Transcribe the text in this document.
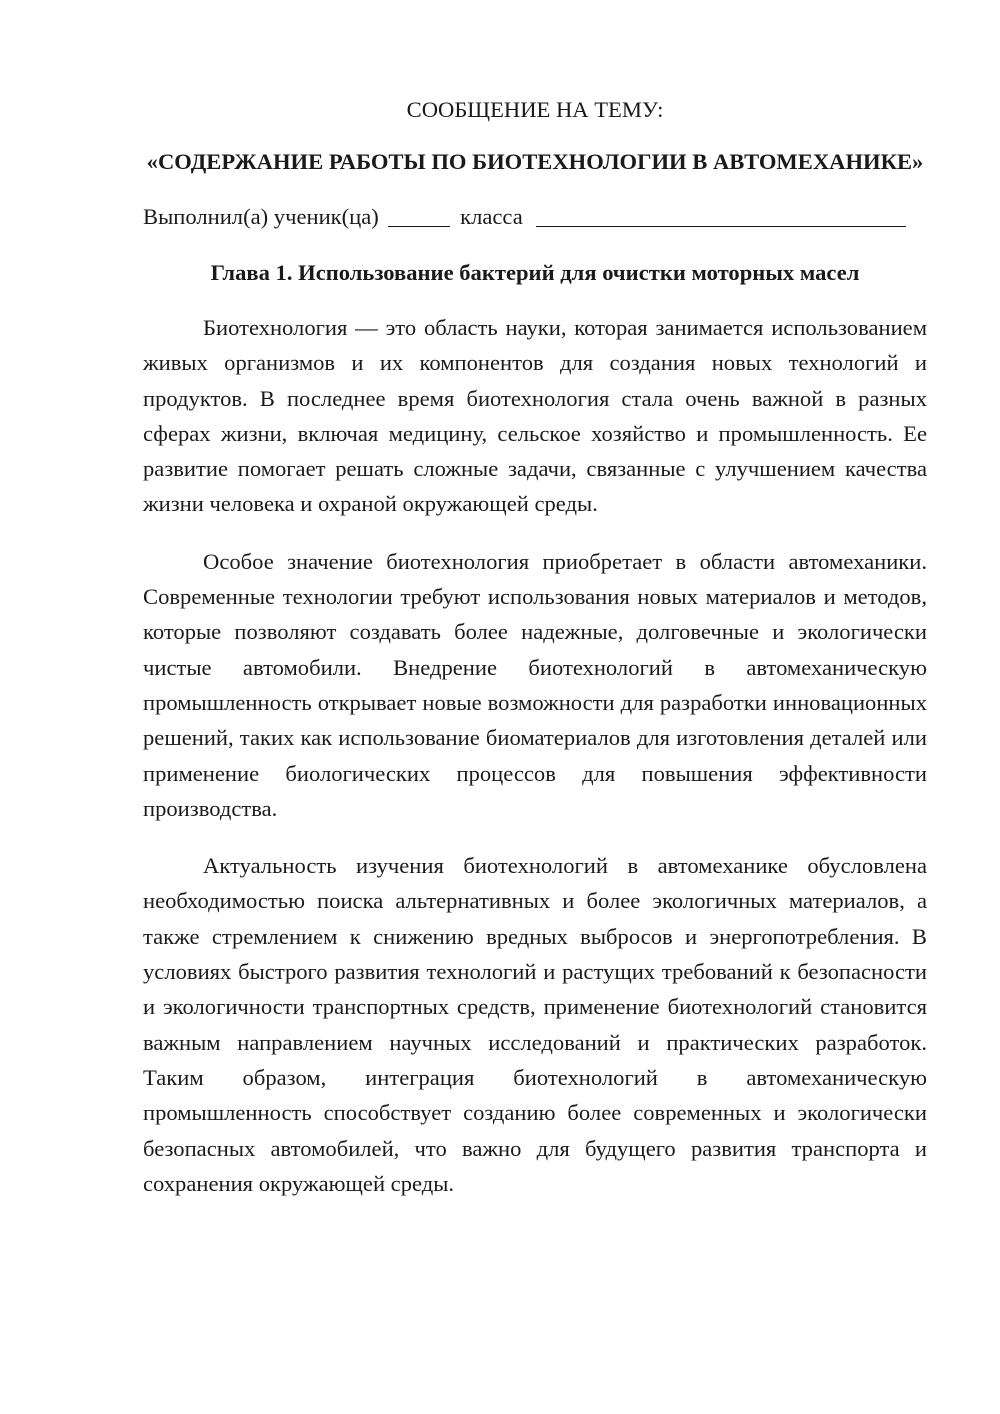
СООБЩЕНИЕ НА ТЕМУ:

«СОДЕРЖАНИЕ РАБОТЫ ПО БИОТЕХНОЛОГИИ В АВТОМЕХАНИКЕ»

Выполнил(а) ученик(ца)	класса
Глава 1. Использование бактерий для очистки моторных масел

Биотехнология — это область науки, которая занимается использованием живых организмов и их компонентов для создания новых технологий и продуктов. В последнее время биотехнология стала очень важной в разных сферах жизни, включая медицину, сельское хозяйство и промышленность. Ее развитие помогает решать сложные задачи, связанные с улучшением качества жизни человека и охраной окружающей среды.

Особое значение биотехнология приобретает в области автомеханики. Современные технологии требуют использования новых материалов и методов, которые позволяют создавать более надежные, долговечные и экологически чистые автомобили. Внедрение биотехнологий в автомеханическую промышленность открывает новые возможности для разработки инновационных решений, таких как использование биоматериалов для изготовления деталей или применение биологических процессов для повышения эффективности производства.

Актуальность изучения биотехнологий в автомеханике обусловлена необходимостью поиска альтернативных и более экологичных материалов, а также стремлением к снижению вредных выбросов и энергопотребления. В условиях быстрого развития технологий и растущих требований к безопасности и экологичности транспортных средств, применение биотехнологий становится важным направлением научных исследований и практических разработок. Таким образом, интеграция биотехнологий в автомеханическую промышленность способствует созданию более современных и экологически безопасных автомобилей, что важно для будущего развития транспорта и сохранения окружающей среды.
